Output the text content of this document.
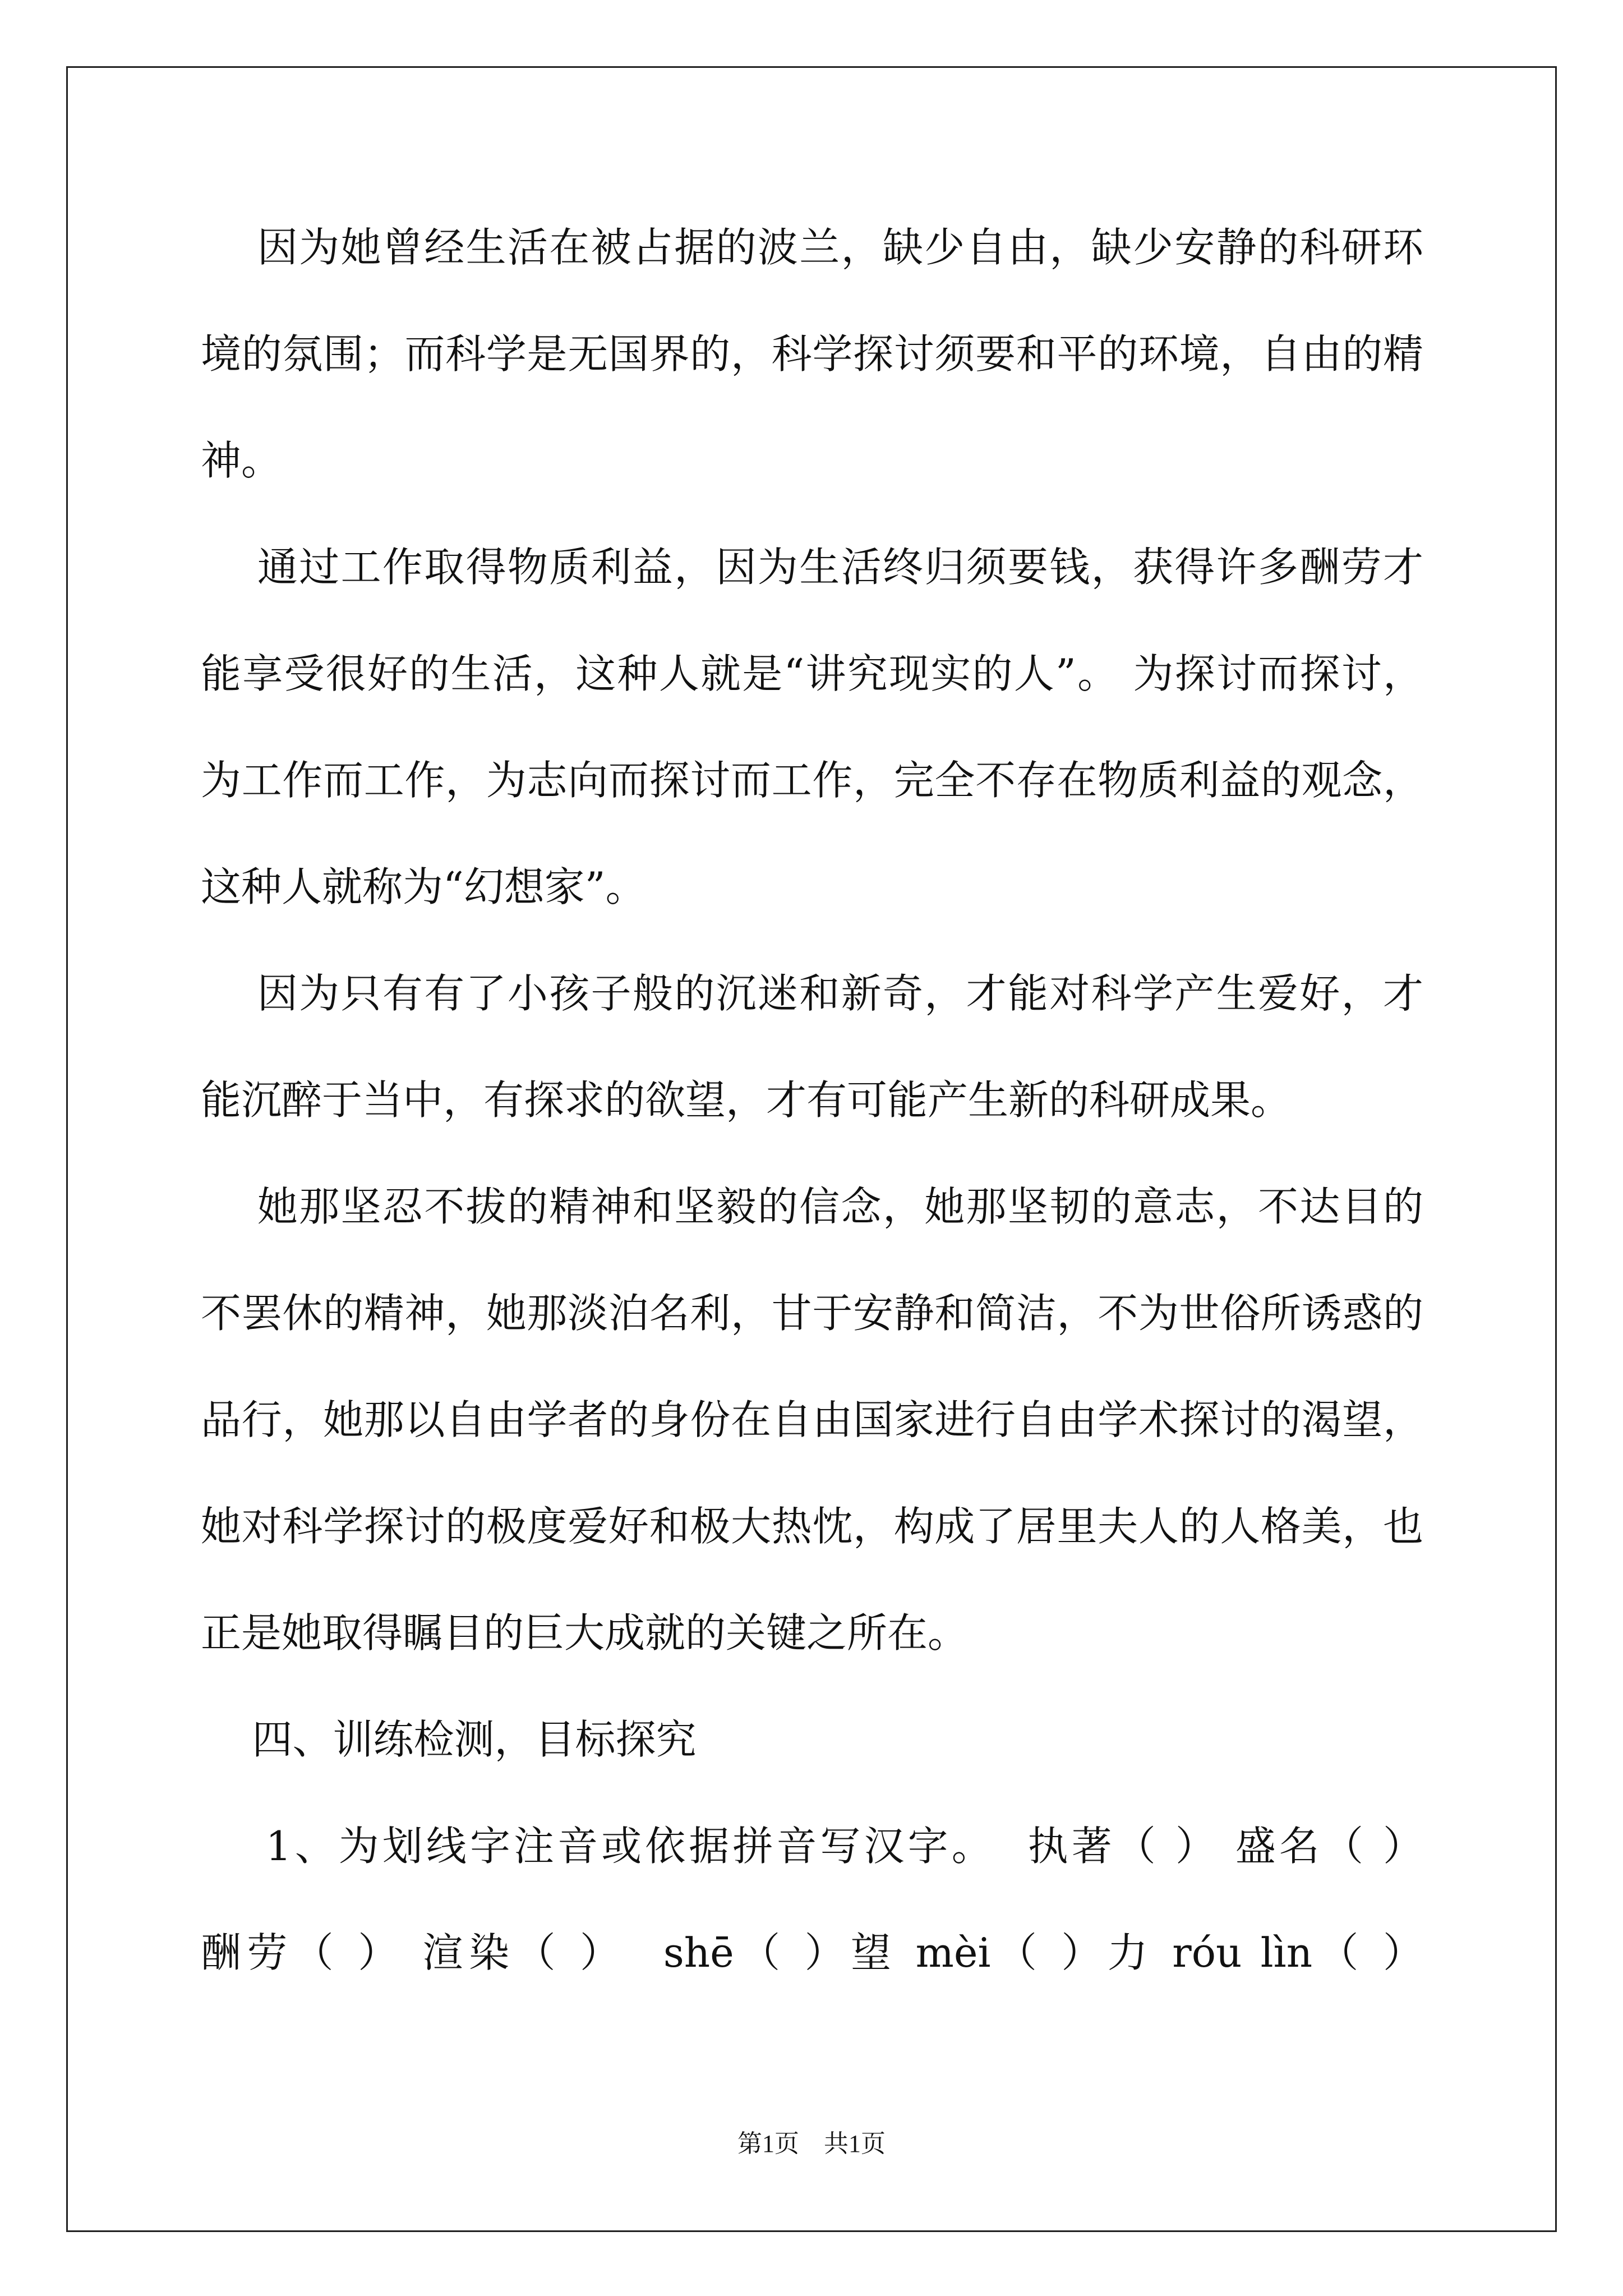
因为她曾经生活在被占据的波兰，缺少自由，缺少安静的科研环
境的氛围；而科学是无国界的，科学探讨须要和平的环境，自由的精
神。
通过工作取得物质利益，因为生活终归须要钱，获得许多酬劳才
能享受很好的生活，这种人就是“讲究现实的人”。 为探讨而探讨，
为工作而工作，为志向而探讨而工作，完全不存在物质利益的观念，
这种人就称为“幻想家”。
因为只有有了小孩子般的沉迷和新奇，才能对科学产生爱好，才
能沉醉于当中，有探求的欲望，才有可能产生新的科研成果。
她那坚忍不拔的精神和坚毅的信念，她那坚韧的意志，不达目的
不罢休的精神，她那淡泊名利，甘于安静和简洁，不为世俗所诱惑的
品行，她那以自由学者的身份在自由国家进行自由学术探讨的渴望，
她对科学探讨的极度爱好和极大热忱，构成了居里夫人的人格美，也
正是她取得瞩目的巨大成就的关键之所在。
四、训练检测，目标探究
1、为划线字注音或依据拼音写汉字。  执著（ ） 盛名（ ）
酬劳（ ） 渲染（ ）  shē（ ）望 mèi（ ）力 róu lìn（ ）
第1页 共1页
